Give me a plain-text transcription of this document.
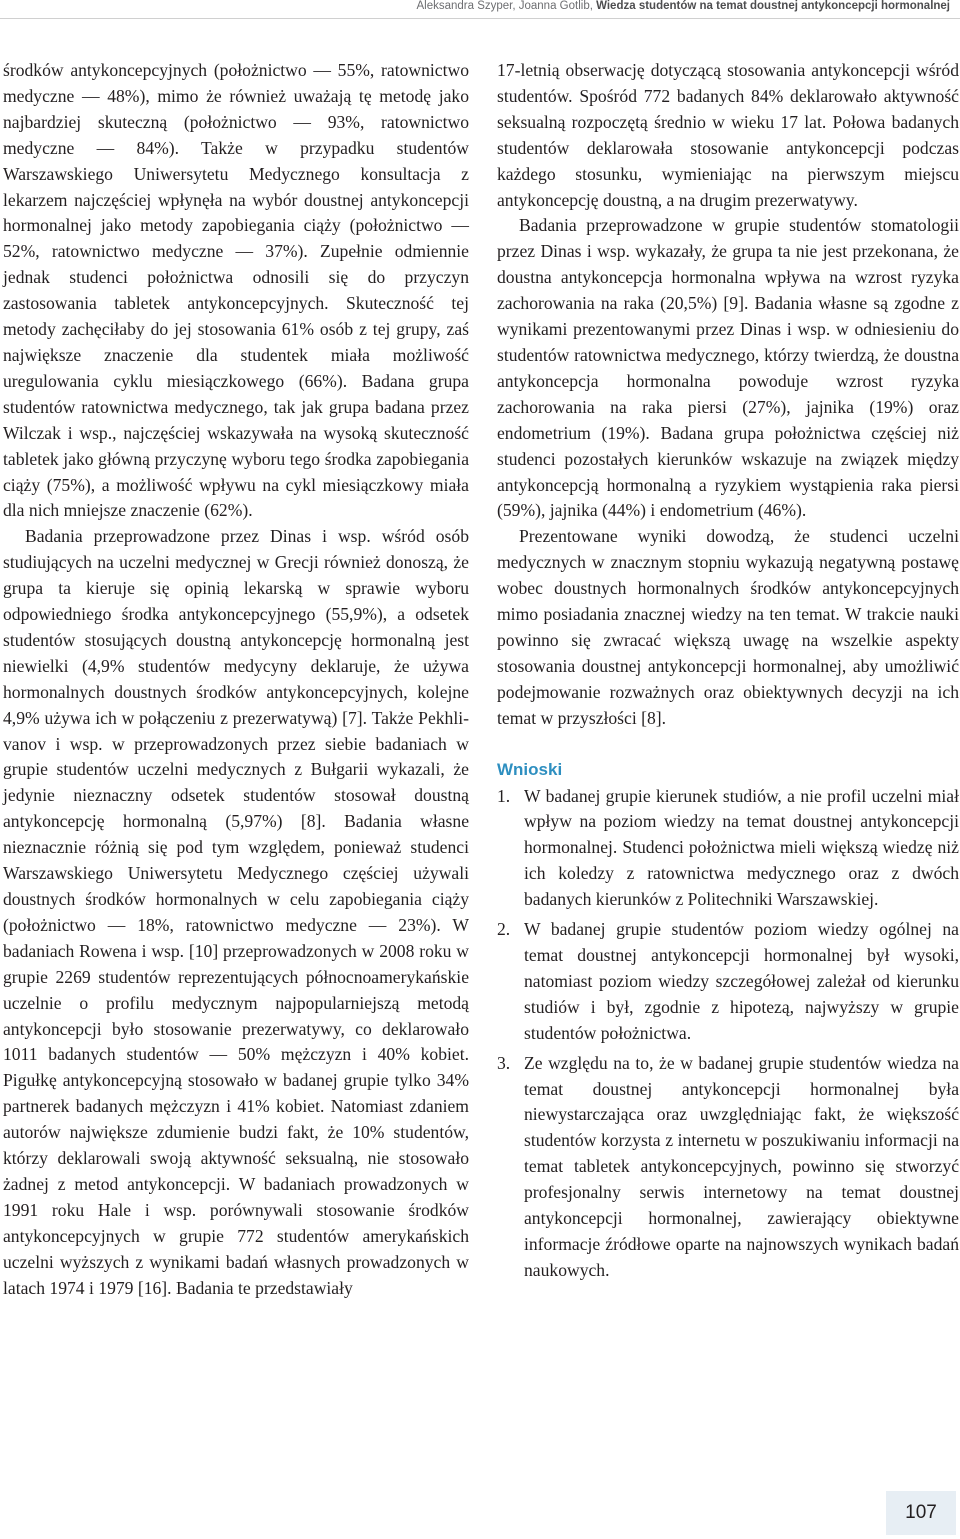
Aleksandra Szyper, Joanna Gotlib, Wiedza studentów na temat doustnej antykoncepcji hormonalnej

środków antykoncepcyjnych (położnictwo — 55%, ratownictwo medyczne — 48%), mimo że również uważają tę metodę jako najbardziej skuteczną (położnictwo — 93%, ratownictwo medyczne — 84%). Także w przypadku studentów Warszawskiego Uniwersytetu Medycznego konsultacja z lekarzem najczęściej wpłynęła na wybór doustnej antykoncepcji hormonalnej jako metody zapobiegania ciąży (położnictwo — 52%, ratownictwo medyczne — 37%). Zupełnie odmiennie jednak studenci położnictwa odnosili się do przyczyn zastosowania tabletek antykoncepcyjnych. Skuteczność tej metody zachęciłaby do jej stosowania 61% osób z tej grupy, zaś największe znaczenie dla studentek miała możliwość uregulowania cyklu miesiączkowego (66%). Badana grupa studentów ratownictwa medycznego, tak jak grupa badana przez Wilczak i wsp., najczęściej wskazywała na wysoką skuteczność tabletek jako główną przyczynę wyboru tego środka zapobiegania ciąży (75%), a możliwość wpływu na cykl miesiączkowy miała dla nich mniejsze znaczenie (62%).

Badania przeprowadzone przez Dinas i wsp. wśród osób studiujących na uczelni medycznej w Grecji również donoszą, że grupa ta kieruje się opinią lekarską w sprawie wyboru odpowiedniego środka antykoncepcyjnego (55,9%), a odsetek studentów stosujących doustną antykoncepcję hormonalną jest niewielki (4,9% studentów medycyny deklaruje, że używa hormonalnych doustnych środków antykoncepcyjnych, kolejne 4,9% używa ich w połączeniu z prezerwatywą) [7]. Także Pekhlivanov i wsp. w przeprowadzonych przez siebie badaniach w grupie studentów uczelni medycznych z Bułgarii wykazali, że jedynie nieznaczny odsetek studentów stosował doustną antykoncepcję hormonalną (5,97%) [8]. Badania własne nieznacznie różnią się pod tym względem, ponieważ studenci Warszawskiego Uniwersytetu Medycznego częściej używali doustnych środków hormonalnych w celu zapobiegania ciąży (położnictwo — 18%, ratownictwo medyczne — 23%). W badaniach Rowena i wsp. [10] przeprowadzonych w 2008 roku w grupie 2269 studentów reprezentujących północnoamerykańskie uczelnie o profilu medycznym najpopularniejszą metodą antykoncepcji było stosowanie prezerwatywy, co deklarowało 1011 badanych studentów — 50% mężczyzn i 40% kobiet. Pigułkę antykoncepcyjną stosowało w badanej grupie tylko 34% partnerek badanych mężczyzn i 41% kobiet. Natomiast zdaniem autorów największe zdumienie budzi fakt, że 10% studentów, którzy deklarowali swoją aktywność seksualną, nie stosowało żadnej z metod antykoncepcji. W badaniach prowadzonych w 1991 roku Hale i wsp. porównywali stosowanie środków antykoncepcyjnych w grupie 772 studentów amerykańskich uczelni wyższych z wynikami badań własnych prowadzonych w latach 1974 i 1979 [16]. Badania te przedstawiały

17-letnią obserwację dotyczącą stosowania antykoncepcji wśród studentów. Spośród 772 badanych 84% deklarowało aktywność seksualną rozpoczętą średnio w wieku 17 lat. Połowa badanych studentów deklarowała stosowanie antykoncepcji podczas każdego stosunku, wymieniając na pierwszym miejscu antykoncepcję doustną, a na drugim prezerwatywy.

Badania przeprowadzone w grupie studentów stomatologii przez Dinas i wsp. wykazały, że grupa ta nie jest przekonana, że doustna antykoncepcja hormonalna wpływa na wzrost ryzyka zachorowania na raka (20,5%) [9]. Badania własne są zgodne z wynikami prezentowanymi przez Dinas i wsp. w odniesieniu do studentów ratownictwa medycznego, którzy twierdzą, że doustna antykoncepcja hormonalna powoduje wzrost ryzyka zachorowania na raka piersi (27%), jajnika (19%) oraz endometrium (19%). Badana grupa położnictwa częściej niż studenci pozostałych kierunków wskazuje na związek między antykoncepcją hormonalną a ryzykiem wystąpienia raka piersi (59%), jajnika (44%) i endometrium (46%).

Prezentowane wyniki dowodzą, że studenci uczelni medycznych w znacznym stopniu wykazują negatywną postawę wobec doustnych hormonalnych środków antykoncepcyjnych mimo posiadania znacznej wiedzy na ten temat. W trakcie nauki powinno się zwracać większą uwagę na wszelkie aspekty stosowania doustnej antykoncepcji hormonalnej, aby umożliwić podejmowanie rozważnych oraz obiektywnych decyzji na ich temat w przyszłości [8].

Wnioski
1. W badanej grupie kierunek studiów, a nie profil uczelni miał wpływ na poziom wiedzy na temat doustnej antykoncepcji hormonalnej. Studenci położnictwa mieli większą wiedzę niż ich koledzy z ratownictwa medycznego oraz z dwóch badanych kierunków z Politechniki Warszawskiej.
2. W badanej grupie studentów poziom wiedzy ogólnej na temat doustnej antykoncepcji hormonalnej był wysoki, natomiast poziom wiedzy szczegółowej zależał od kierunku studiów i był, zgodnie z hipotezą, najwyższy w grupie studentów położnictwa.
3. Ze względu na to, że w badanej grupie studentów wiedza na temat doustnej antykoncepcji hormonalnej była niewystarczająca oraz uwzględniając fakt, że większość studentów korzysta z internetu w poszukiwaniu informacji na temat tabletek antykoncepcyjnych, powinno się stworzyć profesjonalny serwis internetowy na temat doustnej antykoncepcji hormonalnej, zawierający obiektywne informacje źródłowe oparte na najnowszych wynikach badań naukowych.
107
